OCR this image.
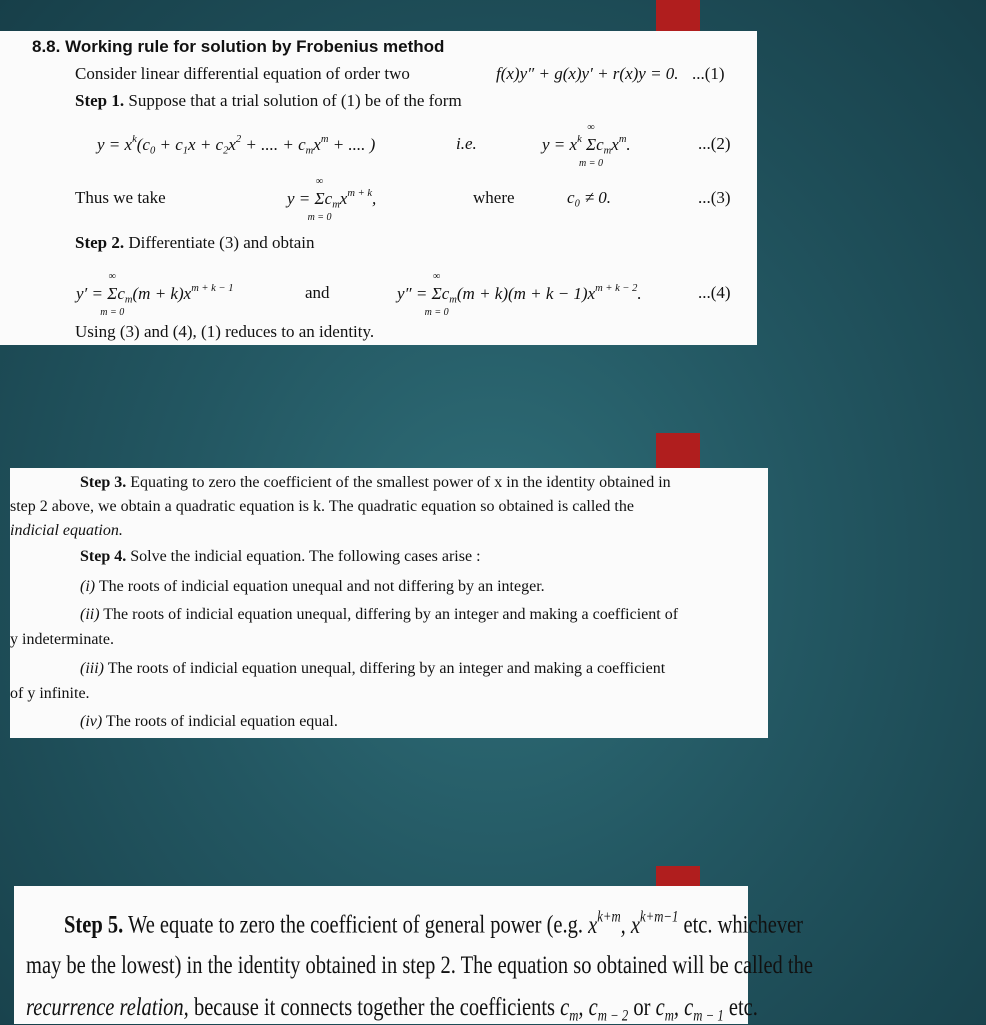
8.8. Working rule for solution by Frobenius method
Consider linear differential equation of order two	f(x)y″ + g(x)y′ + r(x)y = 0. ...(1)
Step 1. Suppose that a trial solution of (1) be of the form
$y = x^k(c_0 + c_1x + c_2x^2$ + .... + $c_mx^m$ + .... )	i.e.	$y = x^k$ Σ
∞
m = 0
$c_mx^m$.	...(2)
Thus we take	y = Σ
∞
m = 0
$c_mx^{m + k}$,	where	c₀ ≠ 0.	...(3)
Step 2. Differentiate (3) and obtain
y′ = Σ
∞
m = 0
$c_m(m + k)x^{m + k - 1}$	and	y″ = Σ
∞
m = 0
$c_m(m + k)(m + k - 1)x^{m + k - 2}$.	...(4)
Using (3) and (4), (1) reduces to an identity.
Step 3. Equating to zero the coefficient of the smallest power of x in the identity obtained in
step 2 above, we obtain a quadratic equation is k. The quadratic equation so obtained is called the
indicial equation.
Step 4. Solve the indicial equation. The following cases arise :
(i) The roots of indicial equation unequal and not differing by an integer.
(ii) The roots of indicial equation unequal, differing by an integer and making a coefficient of
y indeterminate.
(iii) The roots of indicial equation unequal, differing by an integer and making a coefficient
of y infinite.
(iv) The roots of indicial equation equal.
Step 5. We equate to zero the coefficient of general power (e.g. $x^{k+m}$, $x^{k+m-1}$ etc. whichever
may be the lowest) in the identity obtained in step 2. The equation so obtained will be called the
recurrence relation, because it connects together the coefficients $c_m$, $c_{m - 2}$ or $c_m$, $c_{m - 1}$ etc.
